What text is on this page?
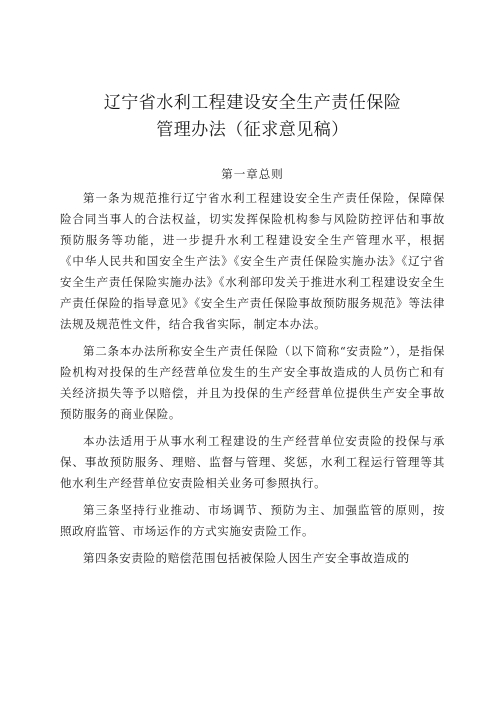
辽宁省水利工程建设安全生产责任保险
管理办法（征求意见稿）
第一章总则

第一条为规范推行辽宁省水利工程建设安全生产责任保险，保障保险合同当事人的合法权益，切实发挥保险机构参与风险防控评估和事故预防服务等功能，进一步提升水利工程建设安全生产管理水平，根据《中华人民共和国安全生产法》《安全生产责任保险实施办法》《辽宁省安全生产责任保险实施办法》《水利部印发关于推进水利工程建设安全生产责任保险的指导意见》《安全生产责任保险事故预防服务规范》等法律法规及规范性文件，结合我省实际，制定本办法。

第二条本办法所称安全生产责任保险（以下简称“安责险”），是指保险机构对投保的生产经营单位发生的生产安全事故造成的人员伤亡和有关经济损失等予以赔偿，并且为投保的生产经营单位提供生产安全事故预防服务的商业保险。

本办法适用于从事水利工程建设的生产经营单位安责险的投保与承保、事故预防服务、理赔、监督与管理、奖惩，水利工程运行管理等其他水利生产经营单位安责险相关业务可参照执行。

第三条坚持行业推动、市场调节、预防为主、加强监管的原则，按照政府监管、市场运作的方式实施安责险工作。

第四条安责险的赔偿范围包括被保险人因生产安全事故造成的
